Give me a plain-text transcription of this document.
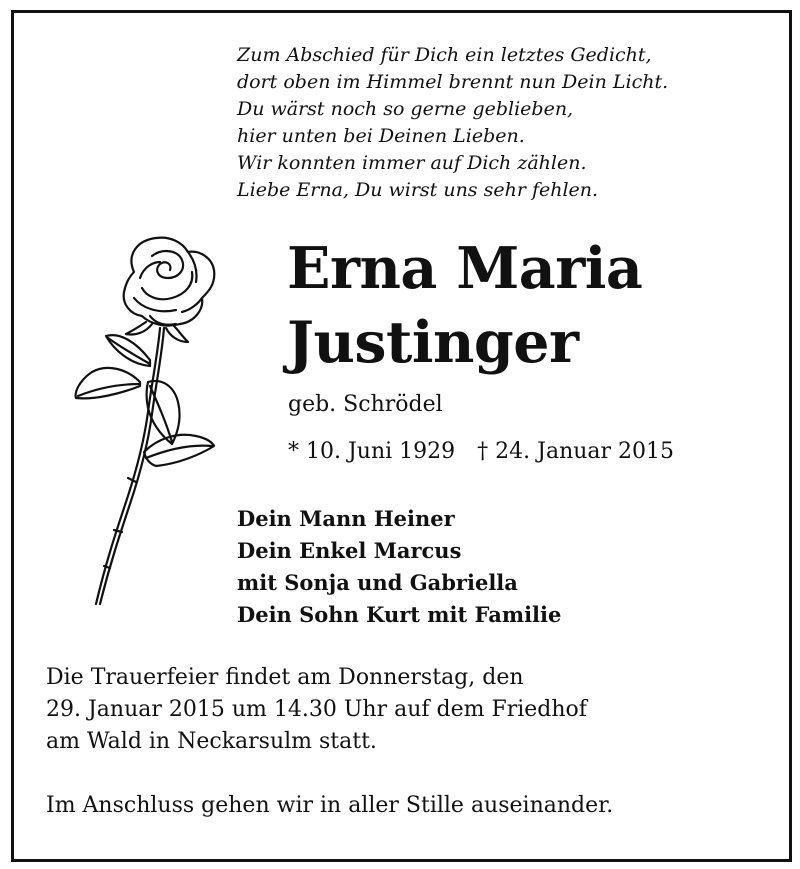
Zum Abschied für Dich ein letztes Gedicht,
dort oben im Himmel brennt nun Dein Licht.
Du wärst noch so gerne geblieben,
hier unten bei Deinen Lieben.
Wir konnten immer auf Dich zählen.
Liebe Erna, Du wirst uns sehr fehlen.
Erna Maria
Justinger
geb. Schrödel
* 10. Juni 1929 † 24. Januar 2015
Dein Mann Heiner
Dein Enkel Marcus
mit Sonja und Gabriella
Dein Sohn Kurt mit Familie
Die Trauerfeier findet am Donnerstag, den
29. Januar 2015 um 14.30 Uhr auf dem Friedhof
am Wald in Neckarsulm statt.
Im Anschluss gehen wir in aller Stille auseinander.
